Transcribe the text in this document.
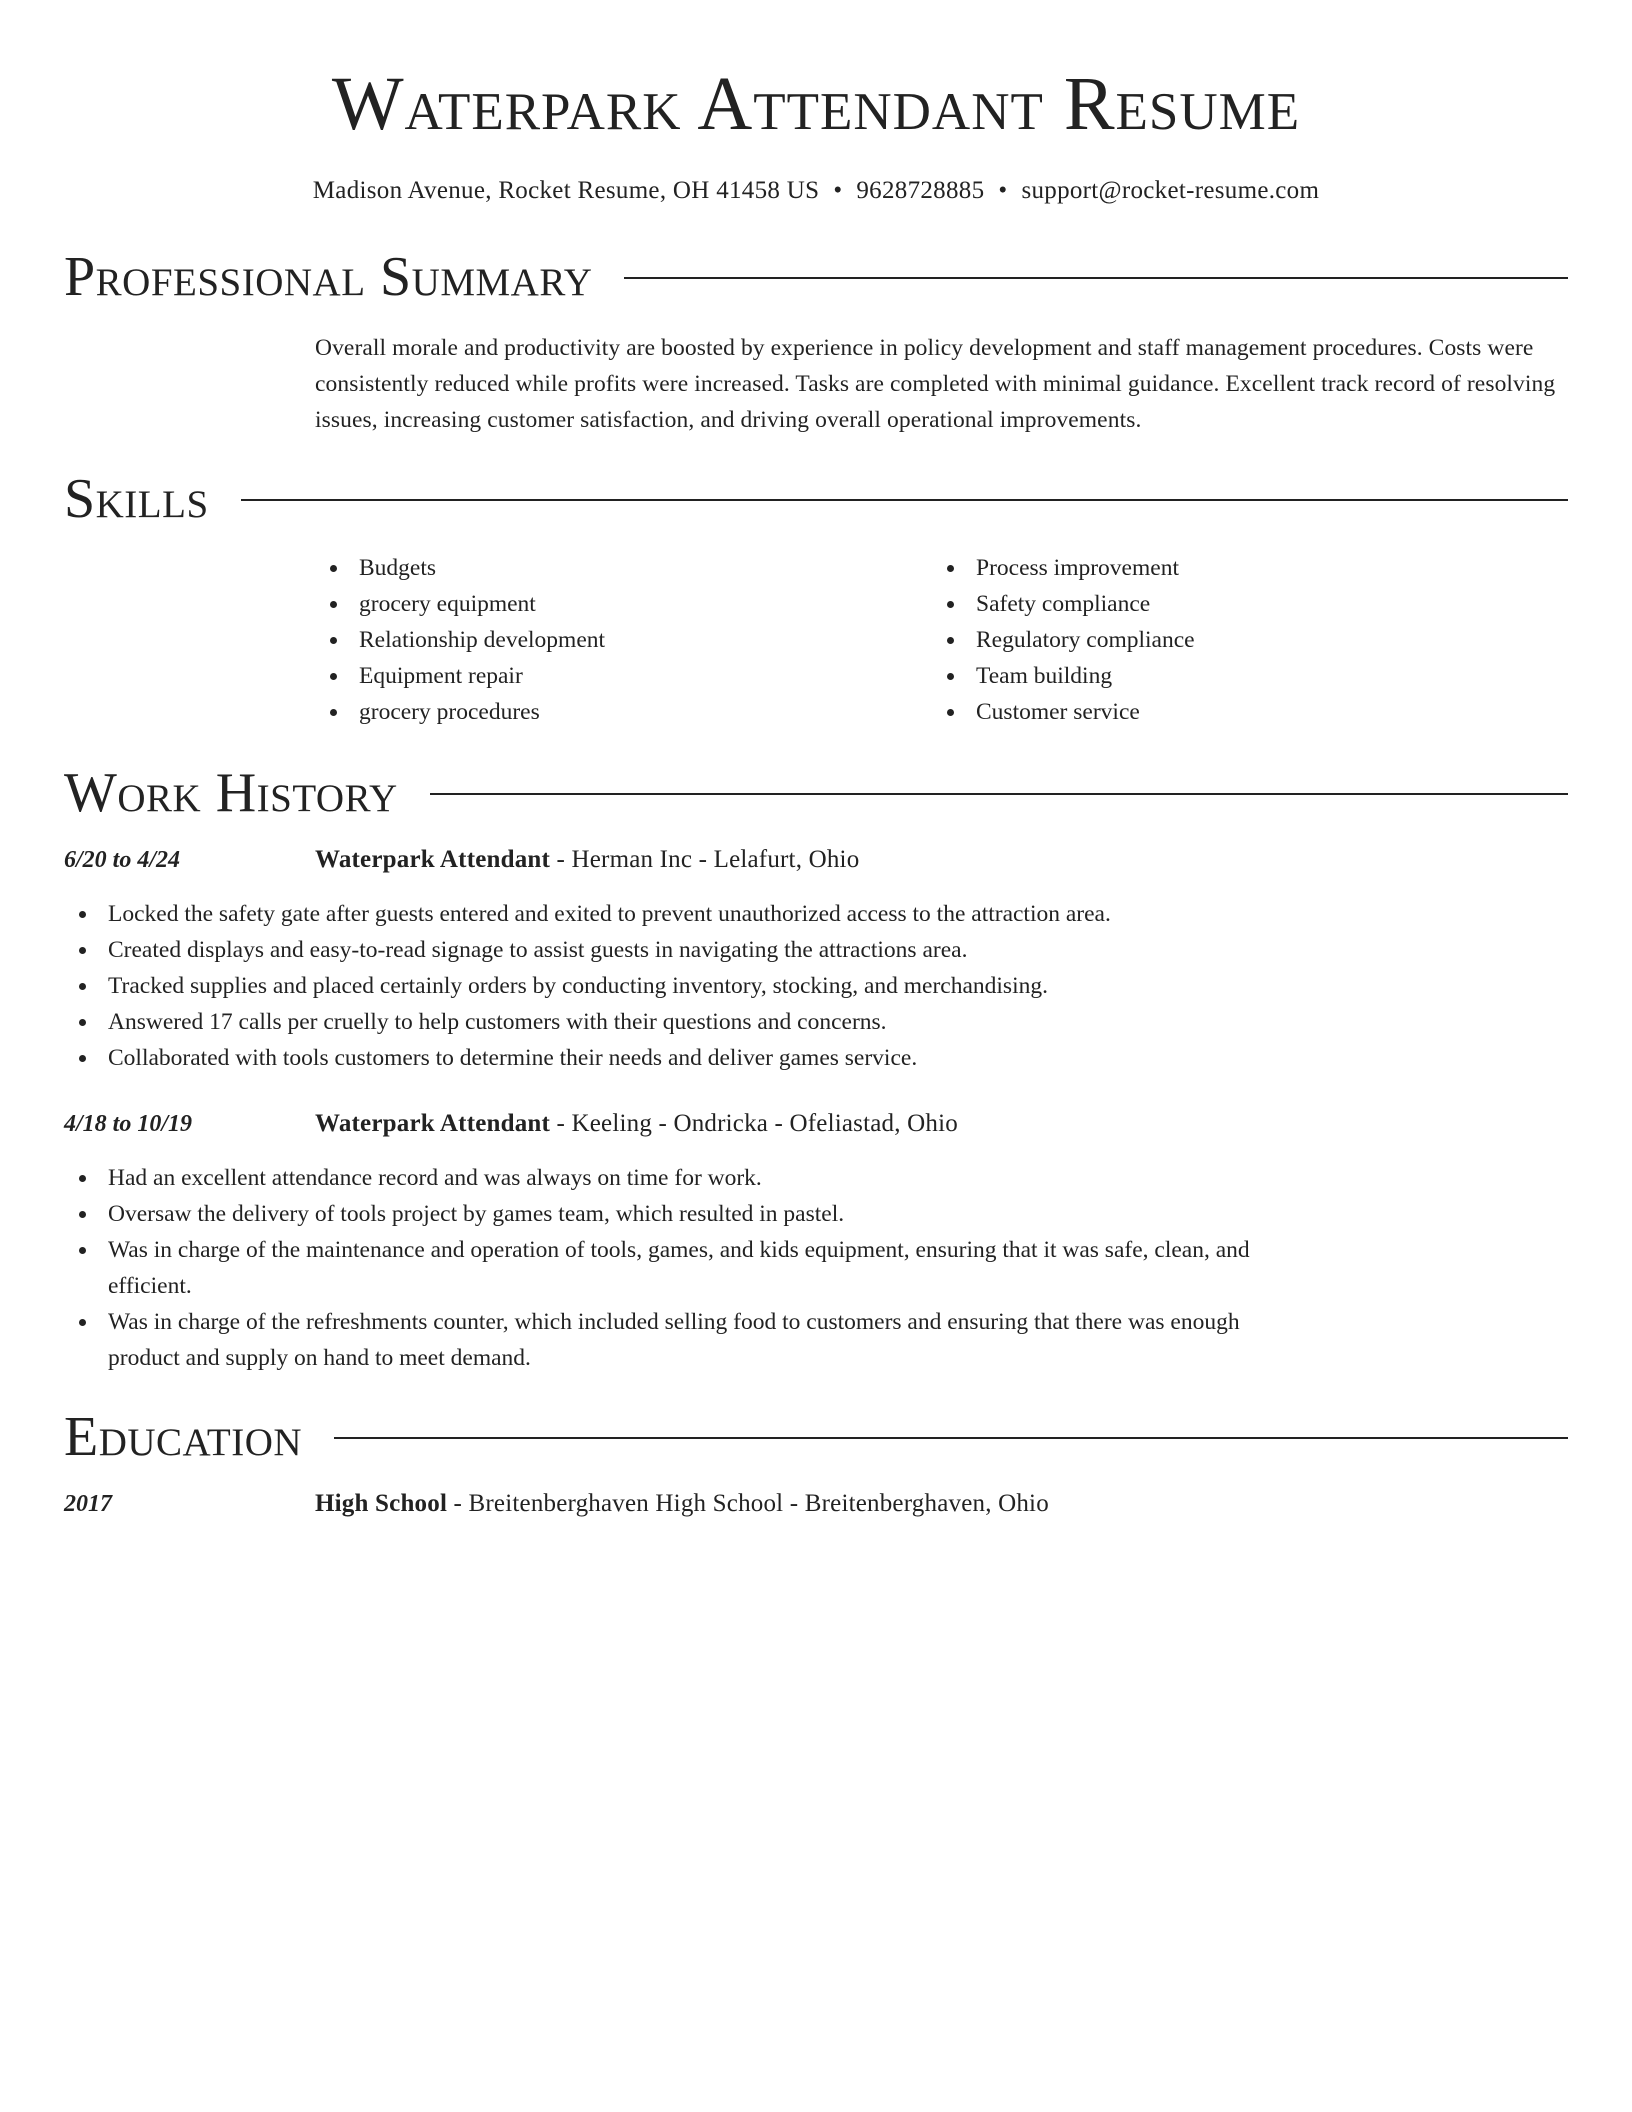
Waterpark Attendant Resume
Madison Avenue, Rocket Resume, OH 41458 US • 9628728885 • support@rocket-resume.com
Professional Summary
Overall morale and productivity are boosted by experience in policy development and staff management procedures. Costs were consistently reduced while profits were increased. Tasks are completed with minimal guidance. Excellent track record of resolving issues, increasing customer satisfaction, and driving overall operational improvements.
Skills
Budgets
grocery equipment
Relationship development
Equipment repair
grocery procedures
Process improvement
Safety compliance
Regulatory compliance
Team building
Customer service
Work History
6/20 to 4/24	Waterpark Attendant - Herman Inc - Lelafurt, Ohio
Locked the safety gate after guests entered and exited to prevent unauthorized access to the attraction area.
Created displays and easy-to-read signage to assist guests in navigating the attractions area.
Tracked supplies and placed certainly orders by conducting inventory, stocking, and merchandising.
Answered 17 calls per cruelly to help customers with their questions and concerns.
Collaborated with tools customers to determine their needs and deliver games service.
4/18 to 10/19	Waterpark Attendant - Keeling - Ondricka - Ofeliastad, Ohio
Had an excellent attendance record and was always on time for work.
Oversaw the delivery of tools project by games team, which resulted in pastel.
Was in charge of the maintenance and operation of tools, games, and kids equipment, ensuring that it was safe, clean, and efficient.
Was in charge of the refreshments counter, which included selling food to customers and ensuring that there was enough product and supply on hand to meet demand.
Education
2017	High School - Breitenberghaven High School - Breitenberghaven, Ohio
